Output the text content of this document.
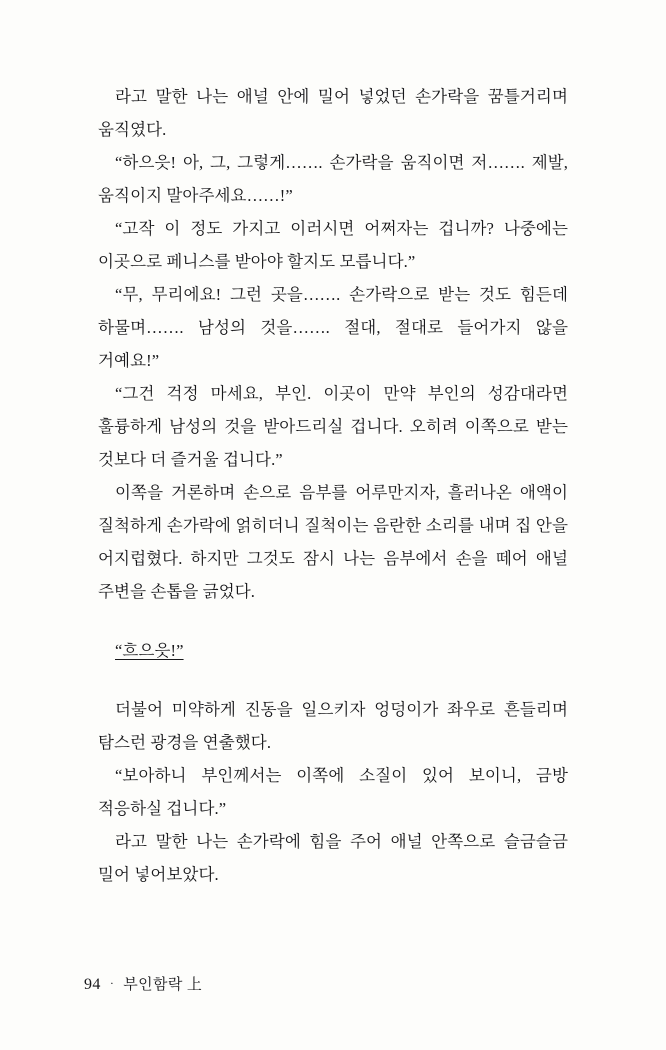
라고 말한 나는 애널 안에 밀어 넣었던 손가락을 꿈틀거리며 움직였다.

“하으읏! 아, 그, 그렇게……. 손가락을 움직이면 저……. 제발, 움직이지 말아주세요……!”

“고작 이 정도 가지고 이러시면 어쩌자는 겁니까? 나중에는 이곳으로 페니스를 받아야 할지도 모릅니다.”

“무, 무리에요! 그런 곳을……. 손가락으로 받는 것도 힘든데 하물며……. 남성의 것을……. 절대, 절대로 들어가지 않을 거예요!”

“그건 걱정 마세요, 부인. 이곳이 만약 부인의 성감대라면 훌륭하게 남성의 것을 받아드리실 겁니다. 오히려 이쪽으로 받는 것보다 더 즐거울 겁니다.”

이쪽을 거론하며 손으로 음부를 어루만지자, 흘러나온 애액이 질척하게 손가락에 얽히더니 질척이는 음란한 소리를 내며 집 안을 어지럽혔다. 하지만 그것도 잠시 나는 음부에서 손을 떼어 애널 주변을 손톱을 긁었다.

“흐으읏!”

더불어 미약하게 진동을 일으키자 엉덩이가 좌우로 흔들리며 탐스런 광경을 연출했다.

“보아하니 부인께서는 이쪽에 소질이 있어 보이니, 금방 적응하실 겁니다.”

라고 말한 나는 손가락에 힘을 주어 애널 안쪽으로 슬금슬금 밀어 넣어보았다.

94 · 부인함락 上
